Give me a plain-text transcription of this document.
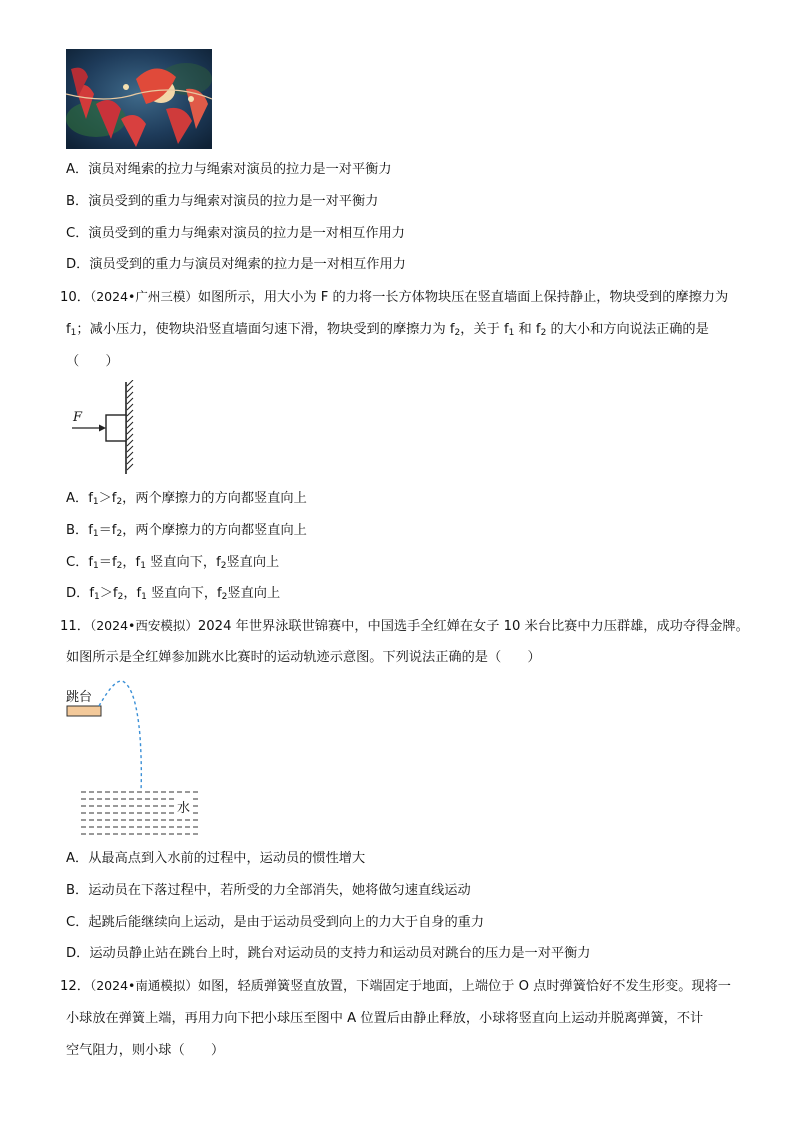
A．演员对绳索的拉力与绳索对演员的拉力是一对平衡力
B．演员受到的重力与绳索对演员的拉力是一对平衡力
C．演员受到的重力与绳索对演员的拉力是一对相互作用力
D．演员受到的重力与演员对绳索的拉力是一对相互作用力
10．（2024•广州三模）如图所示，用大小为 F 的力将一长方体物块压在竖直墙面上保持静止，物块受到的摩擦力为
$f_1$；减小压力，使物块沿竖直墙面匀速下滑，物块受到的摩擦力为 $f_2$，关于 $f_1$ 和 $f_2$ 的大小和方向说法正确的是
（　　）
F
A．$f_1>f_2$，两个摩擦力的方向都竖直向上
B．$f_1=f_2$，两个摩擦力的方向都竖直向上
C．$f_1=f_2$，$f_1$ 竖直向下，$f_2$竖直向上
D．$f_1>f_2$，$f_1$ 竖直向下，$f_2$竖直向上
11．（2024•西安模拟）2024 年世界泳联世锦赛中，中国选手全红婵在女子 10 米台比赛中力压群雄，成功夺得金牌。
如图所示是全红婵参加跳水比赛时的运动轨迹示意图。下列说法正确的是（　　）
跳台
水
A．从最高点到入水前的过程中，运动员的惯性增大
B．运动员在下落过程中，若所受的力全部消失，她将做匀速直线运动
C．起跳后能继续向上运动，是由于运动员受到向上的力大于自身的重力
D．运动员静止站在跳台上时，跳台对运动员的支持力和运动员对跳台的压力是一对平衡力
12．（2024•南通模拟）如图，轻质弹簧竖直放置，下端固定于地面，上端位于 O 点时弹簧恰好不发生形变。现将一
小球放在弹簧上端，再用力向下把小球压至图中 A 位置后由静止释放，小球将竖直向上运动并脱离弹簧，不计
空气阻力，则小球（　　）
